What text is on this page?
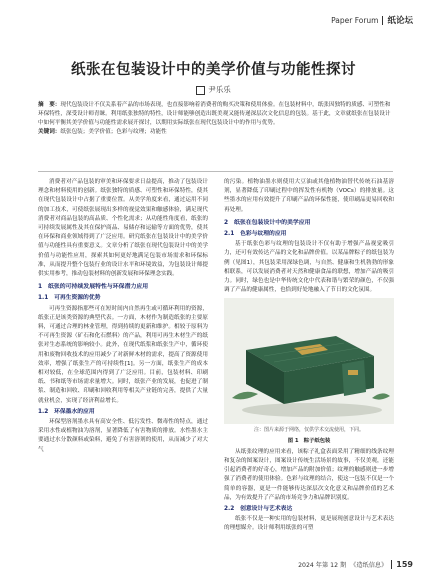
Paper Forum 纸论坛
纸张在包装设计中的美学价值与功能性探讨
尹乐乐
摘　要：现代包装设计不仅关系着产品的市场表现，也直接影响着消费者的购买决策和使用体验。在包装材料中，纸张因独特的质感、可塑性和环保特性，深受设计师青睐。利用纸张独特的特性，设计师能够创造出既美观又能传递深层次文化信息的包装。基于此，文章就纸张在包装设计中如何平衡其美学价值与功能性需求展开探讨，以期用实际纸张在现代包装设计中的作用与优势。
关键词：纸张包装；美学价值；色彩与纹理；功能性

消费者对产品包装的审美和环保要求日益提高，推动了包装设计理念和材料使用的创新。纸张独特的质感、可塑性和环保特性，使其在现代包装设计中占据了重要位置。从美学角度来看，通过运用不同的加工技术，可使纸张展现出多样的视觉效果和触感体验，满足现代消费者对商品包装的高品质、个性化需求；从功能性角度看，纸张的可持续发展属性及其在保护商品、易储存和运输等方面的优势，使其在环保和商业领域得到了广泛应用。研究纸张在包装设计中的美学价值与功能性具有重要意义。文章分析了纸张在现代包装设计中的美学价值与功能性应用，探索其如何更好地满足包装市场需求和环保标准，从而提升整个包装行业的设计水平和环境效益，为包装设计师提供实用参考，推动包装材料的创新发展和环保理念实践。

1　纸张的可持续发展特性与环保潜力应用
1.1　可再生资源的优势

可再生资源指那些可在短时间内自然再生或可循环利用的资源，纸张正是该类资源的典型代表。一方面，木材作为制造纸张的主要原料，可通过合理的林业管理，得到持续的更新和维护。相较于原料为不可再生资源（矿石和化石燃料）的产品，利用可再生木材生产的纸张对生态系统的影响较小。此外，在现代纸浆和纸张生产中，循环使用和废物回收技术的应用减少了对新鲜木材的需求，提高了资源使用效率，增强了纸张生产的可持续性[1]。另一方面，纸张生产的成本相对较低，在全球范围内得到了广泛应用。目前，包装材料、印刷纸、书和纸等市场需求量增大。同时，纸张产业的发展，也促进了制浆、制造和回收、印刷和回收利用等相关产业链的完善，提供了大量就业机会，实现了经济利益增长。

1.2　环保墨水的应用

环保型溶剂墨水具有高安全性、低污发性、微毒性的特点，通过采用水性或植物油为溶剂，显著降低了有害物质的排放。水性墨水主要通过水分散颜料或染料，避免了有害溶剂的使用，从而减少了对大气

的污染。植物油墨水则使用大豆油或其他植物油替代传统石油基溶剂，显著降低了印刷过程中的挥发性有机物（VOCs）的排放量。这些墨水的应用有效提升了印刷产品的环保性能，使印刷品更易回收和再处理。

2　纸张在包装设计中的美学应用
2.1　色彩与纹理的应用

基于纸张色彩与纹理的包装设计不仅有助于增强产品视觉吸引力，还可有效传达产品的文化和品牌价值。以某品牌粽子的纸包装为例（见图1），其包装采用深绿色调，与自然、健康和生机勃勃的形象相联系，可以发展消费者对天然和健康食品的联想，增加产品的吸引力。同时，绿色也是中华传统文化中代表和谐与繁荣的颜色，不仅强调了产品的健康属性，也恰到好处地融入了节日的文化氛围。

注：图片来源于网络，仅供学术交流使用，下同。
图 1　粽子纸包装

从纸张纹理的应用来看，该粽子礼盒表面采用了精细的线条纹理和复杂的图案设计，图案设计传统生活场景的故事，不仅美观，还能引起消费者的好奇心，增加产品的附加价值；纹理的触感则进一步增强了消费者的使用体验。色彩与纹理的结合，使这一包装不仅是一个简单的容器，更是一件能够传达深层次文化意义和品牌价值的艺术品，为有效提升了产品的市场竞争力和品牌识别度。

2.2　创意设计与艺术表达

纸张不仅是一种实用的包装材料，更是展现创意设计与艺术表达的理想媒介。设计师利用纸张的可塑

2024 年第 12 期 《造纸信息》 159
